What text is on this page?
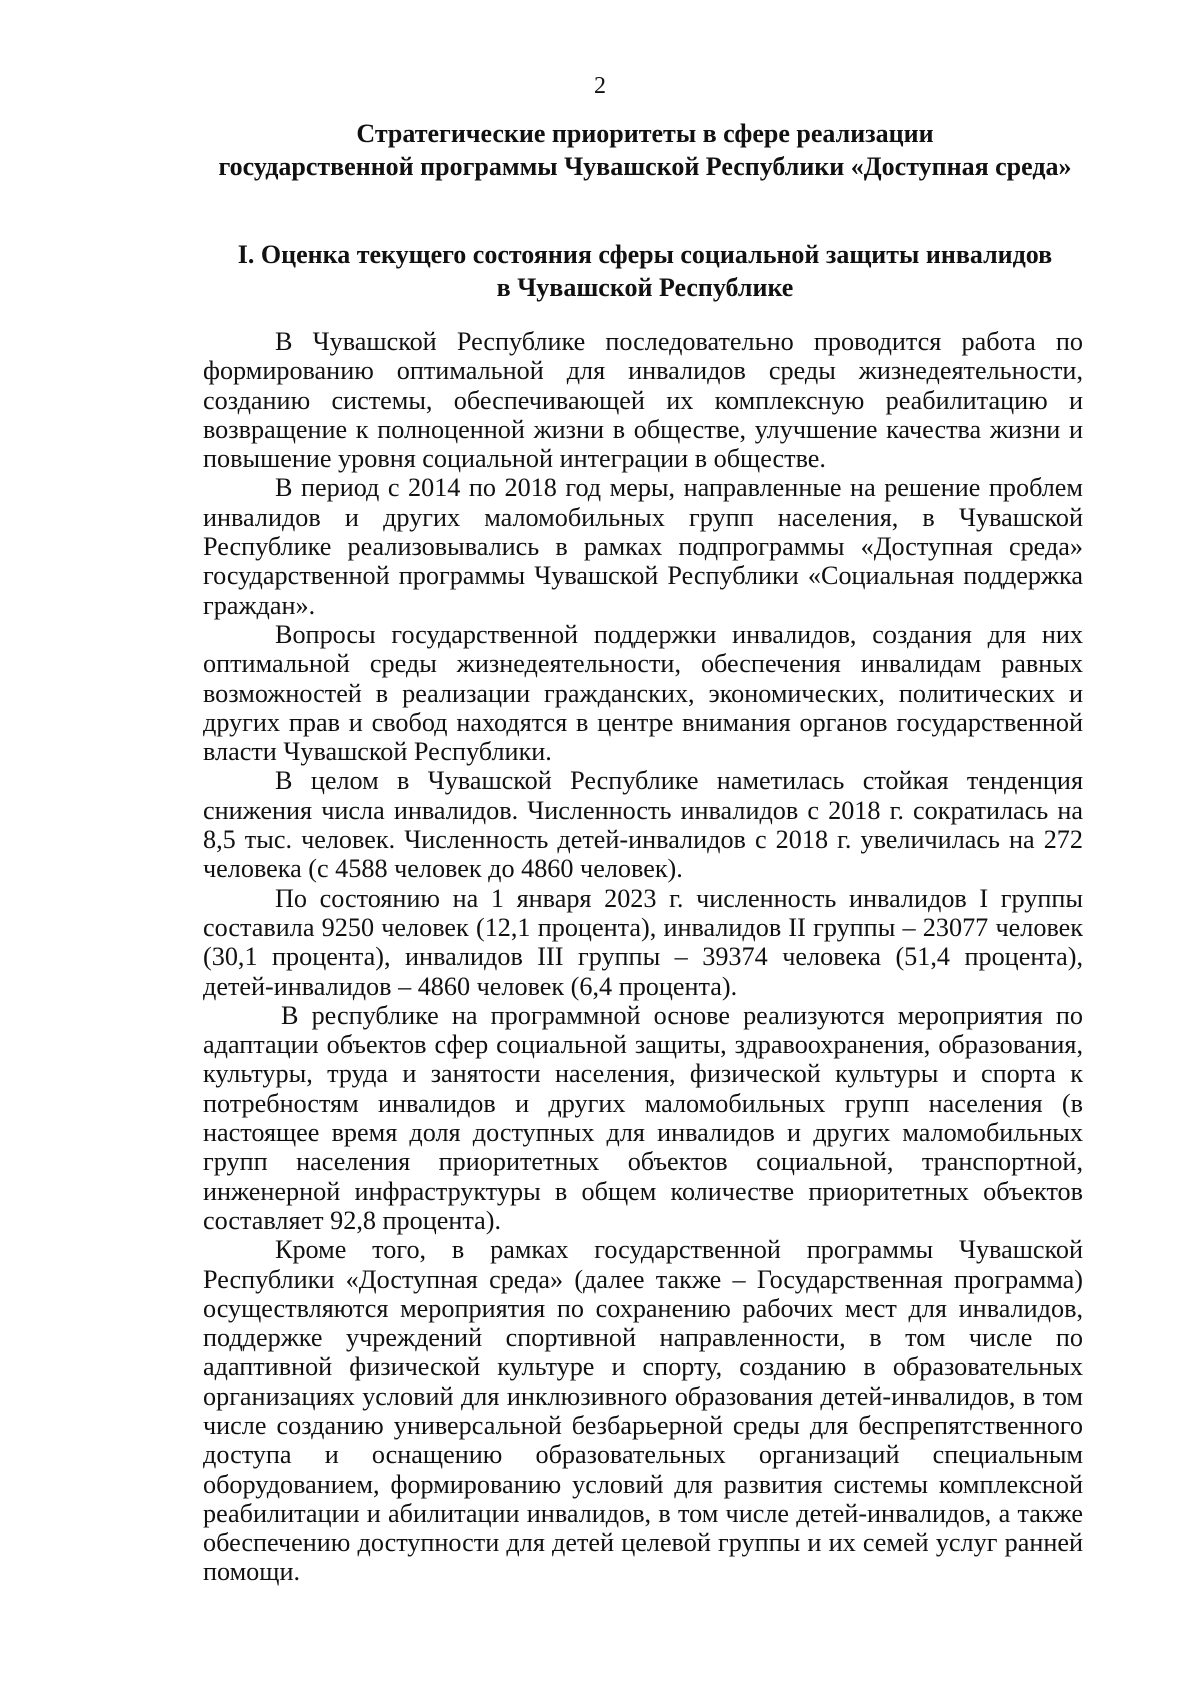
2
Стратегические приоритеты в сфере реализации
государственной программы Чувашской Республики «Доступная среда»
I. Оценка текущего состояния сферы социальной защиты инвалидов
в Чувашской Республике

В Чувашской Республике последовательно проводится работа по формированию оптимальной для инвалидов среды жизнедеятельности, созданию системы, обеспечивающей их комплексную реабилитацию и возвращение к полноценной жизни в обществе, улучшение качества жизни и повышение уровня социальной интеграции в обществе.

В период с 2014 по 2018 год меры, направленные на решение проблем инвалидов и других маломобильных групп населения, в Чувашской Республике реализовывались в рамках подпрограммы «Доступная среда» государственной программы Чувашской Республики «Социальная поддержка граждан».

Вопросы государственной поддержки инвалидов, создания для них оптимальной среды жизнедеятельности, обеспечения инвалидам равных возможностей в реализации гражданских, экономических, политических и других прав и свобод находятся в центре внимания органов государственной власти Чувашской Республики.

В целом в Чувашской Республике наметилась стойкая тенденция снижения числа инвалидов. Численность инвалидов с 2018 г. сократилась на 8,5 тыс. человек. Численность детей-инвалидов с 2018 г. увеличилась на 272 человека (с 4588 человек до 4860 человек).

По состоянию на 1 января 2023 г. численность инвалидов I группы составила 9250 человек (12,1 процента), инвалидов II группы – 23077 человек (30,1 процента), инвалидов III группы – 39374 человека (51,4 процента), детей-инвалидов – 4860 человек (6,4 процента).

В республике на программной основе реализуются мероприятия по адаптации объектов сфер социальной защиты, здравоохранения, образования, культуры, труда и занятости населения, физической культуры и спорта к потребностям инвалидов и других маломобильных групп населения (в настоящее время доля доступных для инвалидов и других маломобильных групп населения приоритетных объектов социальной, транспортной, инженерной инфраструктуры в общем количестве приоритетных объектов составляет 92,8 процента).

Кроме того, в рамках государственной программы Чувашской Республики «Доступная среда» (далее также – Государственная программа) осуществляются мероприятия по сохранению рабочих мест для инвалидов, поддержке учреждений спортивной направленности, в том числе по адаптивной физической культуре и спорту, созданию в образовательных организациях условий для инклюзивного образования детей-инвалидов, в том числе созданию универсальной безбарьерной среды для беспрепятственного доступа и оснащению образовательных организаций специальным оборудованием, формированию условий для развития системы комплексной реабилитации и абилитации инвалидов, в том числе детей-инвалидов, а также обеспечению доступности для детей целевой группы и их семей услуг ранней помощи.
